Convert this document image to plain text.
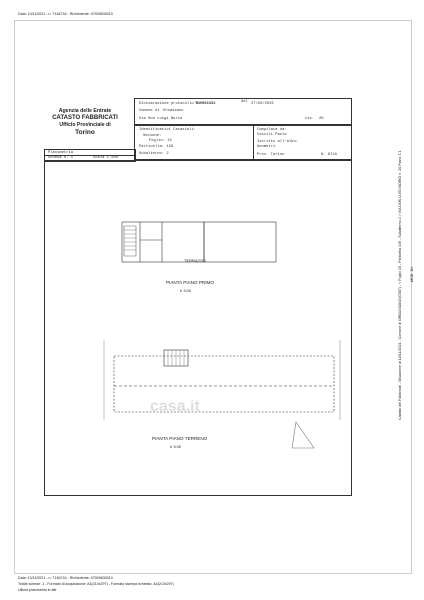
Data: 10/11/2021 - n. T184744 - Richiedente: 07009630010
Agenzia delle Entrate
CATASTO FABBRICATI
Ufficio Provinciale di
Torino
Dichiarazione protocollo n.
TO0092431	del 27/02/2025
Comune di Orbassano
Via Don Luigi Borio	civ. 20
Identificativi Catastali:
Sezione:
Foglio: 15
Particella: 139
Subalterno: 2
Compilata da:
Coscili Paolo
Iscritto all'albo:
Geometri
Prov. Torino	N. 6718
Planimetria
Scheda n. 1	Scala 1:200
TERRAZZO
PIANTA PIANO PRIMO
h 3,00
PIANTA PIANO TERRENO
h 3,00
casa.it	Catasto dei Fabbricati - Situazione al 10/11/2021 - Comune di ORBASSANO(G087) - < Foglio 15 - Particella 139 - Subalterno 2 > VIA DON LUIGI BORIO n. 20 Piano T-1	MOD. 1N
Data: 10/11/2021 - n. T184744 - Richiedente: 07009630010
Totale schede: 1 - Formato di acquisizione: A4(210x297) - Formato stampa richiesto: A4(210x297)
Ultima planimetria in atti
